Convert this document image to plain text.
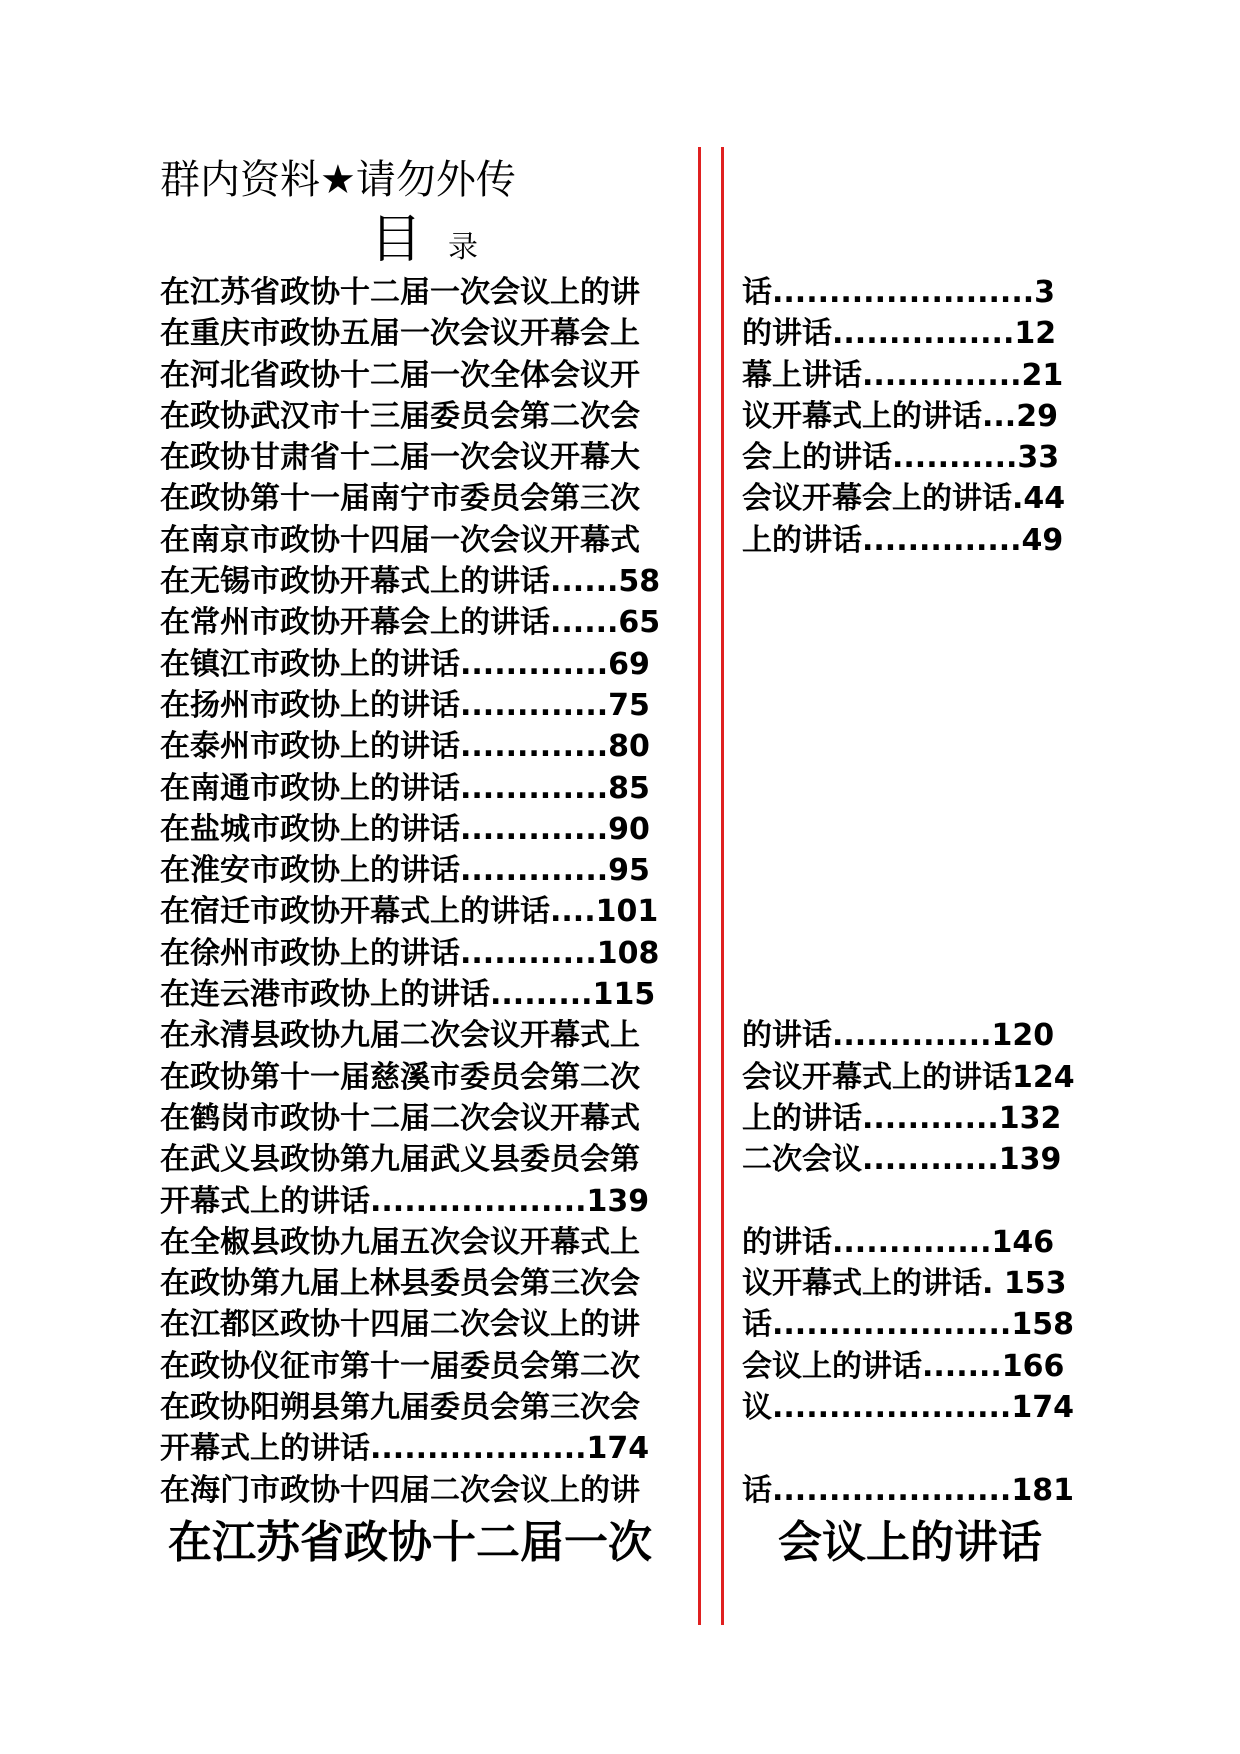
群内资料★请勿外传
目录
在江苏省政协十二届一次会议上的讲
在重庆市政协五届一次会议开幕会上
在河北省政协十二届一次全体会议开
在政协武汉市十三届委员会第二次会
在政协甘肃省十二届一次会议开幕大
在政协第十一届南宁市委员会第三次
在南京市政协十四届一次会议开幕式
在无锡市政协开幕式上的讲话......58
在常州市政协开幕会上的讲话......65
在镇江市政协上的讲话.............69
在扬州市政协上的讲话.............75
在泰州市政协上的讲话.............80
在南通市政协上的讲话.............85
在盐城市政协上的讲话.............90
在淮安市政协上的讲话.............95
在宿迁市政协开幕式上的讲话....101
在徐州市政协上的讲话............108
在连云港市政协上的讲话.........115
在永清县政协九届二次会议开幕式上
在政协第十一届慈溪市委员会第二次
在鹤岗市政协十二届二次会议开幕式
在武义县政协第九届武义县委员会第
开幕式上的讲话...................139
在全椒县政协九届五次会议开幕式上
在政协第九届上林县委员会第三次会
在江都区政协十四届二次会议上的讲
在政协仪征市第十一届委员会第二次
在政协阳朔县第九届委员会第三次会
开幕式上的讲话...................174
在海门市政协十四届二次会议上的讲
话.......................3
的讲话................12
幕上讲话..............21
议开幕式上的讲话...29
会上的讲话...........33
会议开幕会上的讲话.44
上的讲话..............49
的讲话..............120
会议开幕式上的讲话124
上的讲话............132
二次会议............139
的讲话..............146
议开幕式上的讲话. 153
话.....................158
会议上的讲话.......166
议.....................174
话.....................181
在江苏省政协十二届一次	会议上的讲话
